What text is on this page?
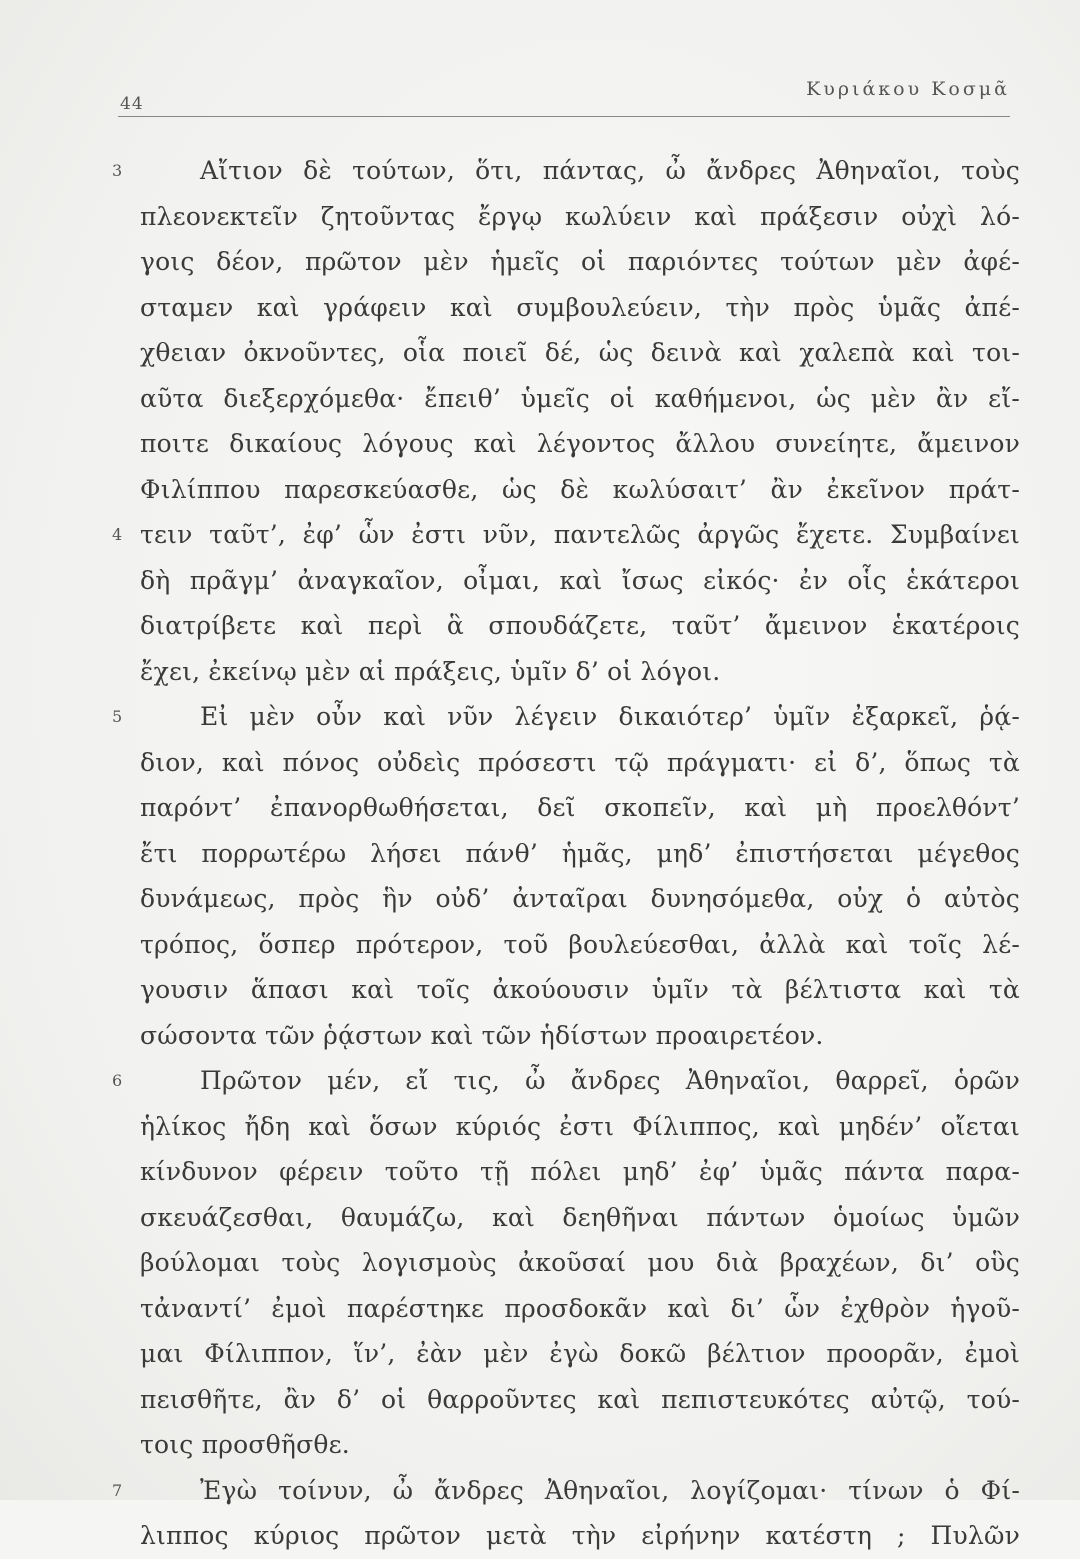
44
Κυριάκου Κοσμᾶ
3	Αἴτιον δὲ τούτων, ὅτι, πάντας, ὦ ἄνδρες Ἀθηναῖοι, τοὺς
πλεονεκτεῖν ζητοῦντας ἔργῳ κωλύειν καὶ πράξεσιν οὐχὶ λό-
γοις δέον, πρῶτον μὲν ἡμεῖς οἱ παριόντες τούτων μὲν ἀφέ-
σταμεν καὶ γράφειν καὶ συμβουλεύειν, τὴν πρὸς ὑμᾶς ἀπέ-
χθειαν ὀκνοῦντες, οἷα ποιεῖ δέ, ὡς δεινὰ καὶ χαλεπὰ καὶ τοι-
αῦτα διεξερχόμεθα· ἔπειθ’ ὑμεῖς οἱ καθήμενοι, ὡς μὲν ἂν εἴ-
ποιτε δικαίους λόγους καὶ λέγοντος ἄλλου συνείητε, ἄμεινον
Φιλίππου παρεσκεύασθε, ὡς δὲ κωλύσαιτ’ ἂν ἐκεῖνον πράτ-
4 τειν ταῦτ’, ἐφ’ ὧν ἐστι νῦν, παντελῶς ἀργῶς ἔχετε. Συμβαίνει
δὴ πρᾶγμ’ ἀναγκαῖον, οἶμαι, καὶ ἴσως εἰκός· ἐν οἷς ἑκάτεροι
διατρίβετε καὶ περὶ ἃ σπουδάζετε, ταῦτ’ ἄμεινον ἑκατέροις
ἔχει, ἐκείνῳ μὲν αἱ πράξεις, ὑμῖν δ’ οἱ λόγοι.
5	Εἰ μὲν οὖν καὶ νῦν λέγειν δικαιότερ’ ὑμῖν ἐξαρκεῖ, ῥᾴ-
διον, καὶ πόνος οὐδεὶς πρόσεστι τῷ πράγματι· εἰ δ’, ὅπως τὰ
παρόντ’ ἐπανορθωθήσεται, δεῖ σκοπεῖν, καὶ μὴ προελθόντ’
ἔτι πορρωτέρω λήσει πάνθ’ ἡμᾶς, μηδ’ ἐπιστήσεται μέγεθος
δυνάμεως, πρὸς ἣν οὐδ’ ἀνταῖραι δυνησόμεθα, οὐχ ὁ αὐτὸς
τρόπος, ὅσπερ πρότερον, τοῦ βουλεύεσθαι, ἀλλὰ καὶ τοῖς λέ-
γουσιν ἅπασι καὶ τοῖς ἀκούουσιν ὑμῖν τὰ βέλτιστα καὶ τὰ
σώσοντα τῶν ῥᾴστων καὶ τῶν ἡδίστων προαιρετέον.
6	Πρῶτον μέν, εἴ τις, ὦ ἄνδρες Ἀθηναῖοι, θαρρεῖ, ὁρῶν
ἡλίκος ἤδη καὶ ὅσων κύριός ἐστι Φίλιππος, καὶ μηδέν’ οἴεται
κίνδυνον φέρειν τοῦτο τῇ πόλει μηδ’ ἐφ’ ὑμᾶς πάντα παρα-
σκευάζεσθαι, θαυμάζω, καὶ δεηθῆναι πάντων ὁμοίως ὑμῶν
βούλομαι τοὺς λογισμοὺς ἀκοῦσαί μου διὰ βραχέων, δι’ οὓς
τἀναντί’ ἐμοὶ παρέστηκε προσδοκᾶν καὶ δι’ ὧν ἐχθρὸν ἡγοῦ-
μαι Φίλιππον, ἵν’, ἐὰν μὲν ἐγὼ δοκῶ βέλτιον προορᾶν, ἐμοὶ
πεισθῆτε, ἂν δ’ οἱ θαρροῦντες καὶ πεπιστευκότες αὐτῷ, τού-
τοις προσθῆσθε.
7	Ἐγὼ τοίνυν, ὦ ἄνδρες Ἀθηναῖοι, λογίζομαι· τίνων ὁ Φί-
λιππος κύριος πρῶτον μετὰ τὴν εἰρήνην κατέστη ; Πυλῶν
